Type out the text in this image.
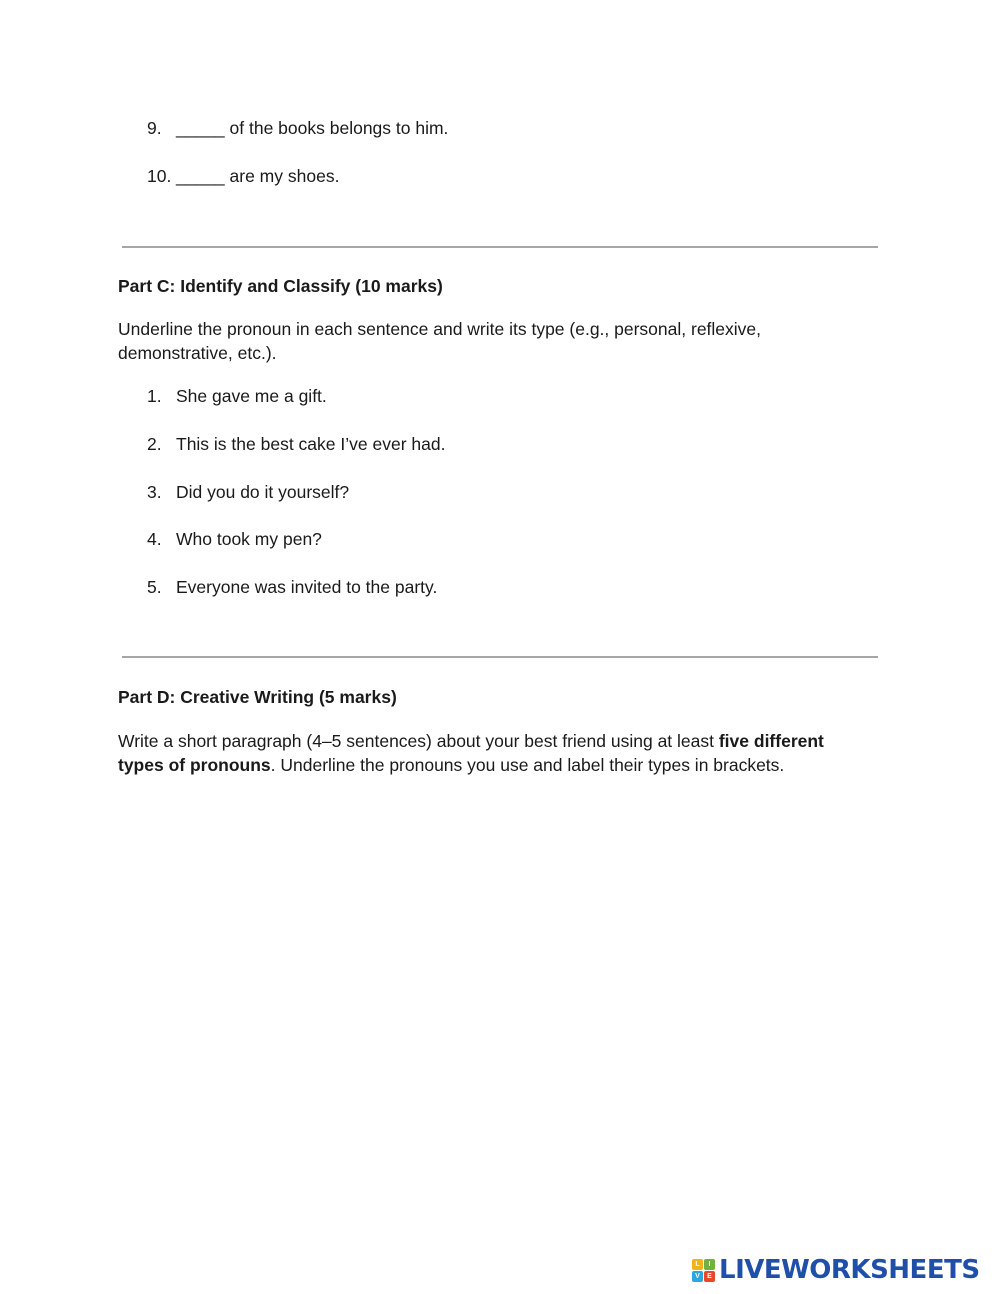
9. _____ of the books belongs to him.
10. _____ are my shoes.
Part C: Identify and Classify (10 marks)
Underline the pronoun in each sentence and write its type (e.g., personal, reflexive,
demonstrative, etc.).
1. She gave me a gift.
2. This is the best cake I’ve ever had.
3. Did you do it yourself?
4. Who took my pen?
5. Everyone was invited to the party.
Part D: Creative Writing (5 marks)
Write a short paragraph (4–5 sentences) about your best friend using at least five different
types of pronouns. Underline the pronouns you use and label their types in brackets.
L	I
V	E LIVEWORKSHEETS
